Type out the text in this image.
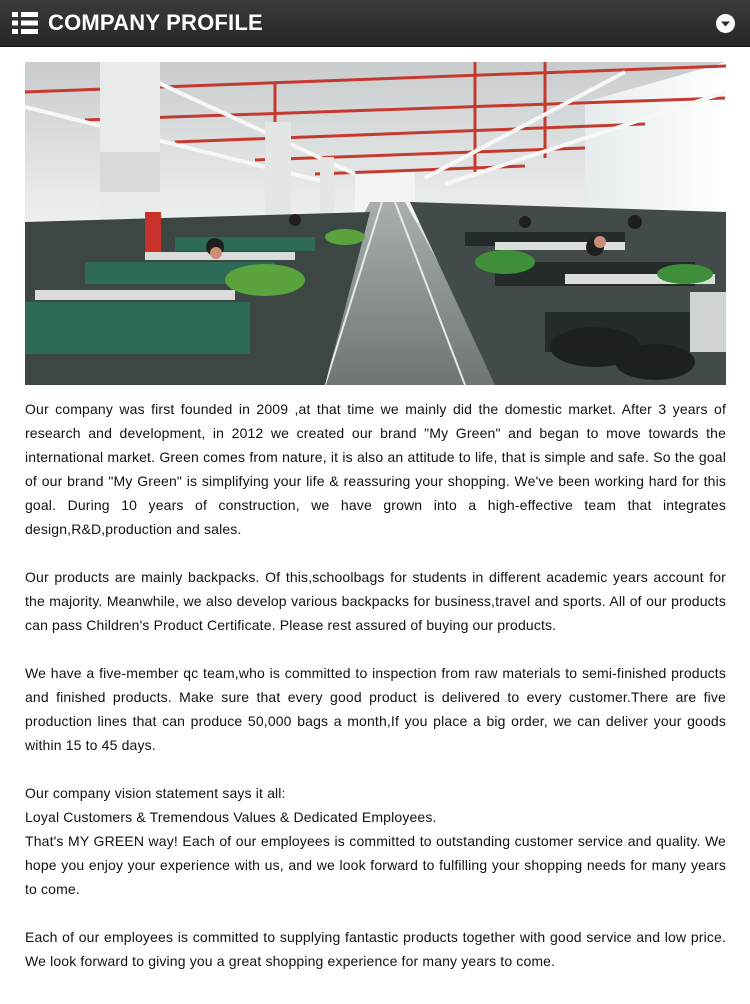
COMPANY PROFILE

Our company was first founded in 2009 ,at that time we mainly did the domestic market. After 3 years of research and development, in 2012 we created our brand "My Green" and began to move towards the international market. Green comes from nature, it is also an attitude to life, that is simple and safe. So the goal of our brand "My Green" is simplifying your life & reassuring your shopping. We've been working hard for this goal. During 10 years of construction, we have grown into a high-effective team that integrates design,R&D,production and sales.

Our products are mainly backpacks. Of this,schoolbags for students in different academic years account for the majority. Meanwhile, we also develop various backpacks for business,travel and sports. All of our products can pass Children's Product Certificate. Please rest assured of buying our products.

We have a five-member qc team,who is committed to inspection from raw materials to semi-finished products and finished products. Make sure that every good product is delivered to every customer.There are five production lines that can produce 50,000 bags a month,If you place a big order, we can deliver your goods within 15 to 45 days.

Our company vision statement says it all:
Loyal Customers & Tremendous Values & Dedicated Employees.
That's MY GREEN way! Each of our employees is committed to outstanding customer service and quality. We hope you enjoy your experience with us, and we look forward to fulfilling your shopping needs for many years to come.

Each of our employees is committed to supplying fantastic products together with good service and low price. We look forward to giving you a great shopping experience for many years to come.
